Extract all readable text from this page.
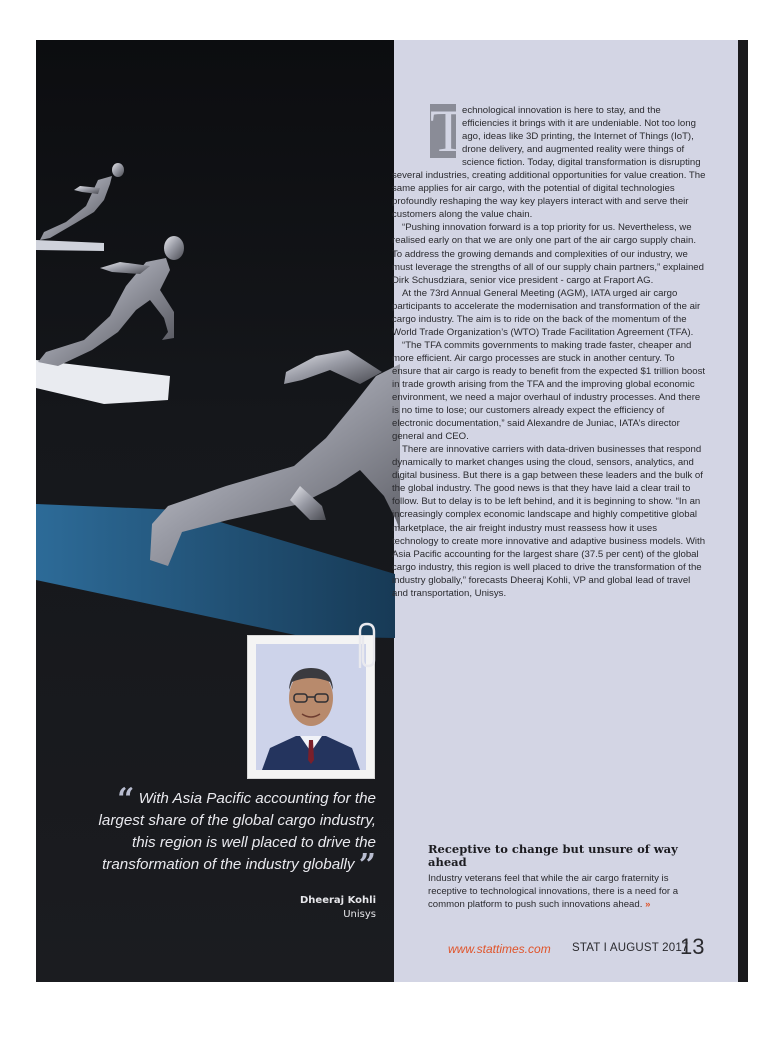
T

echnological innovation is here to stay, and the efficiencies it brings with it are undeniable. Not too long ago, ideas like 3D printing, the Internet of Things (IoT), drone delivery, and augmented reality were things of science fiction. Today, digital transformation is disrupting several industries, creating additional opportunities for value creation. The same applies for air cargo, with the potential of digital technologies profoundly reshaping the way key players interact with and serve their customers along the value chain.

“Pushing innovation forward is a top priority for us. Nevertheless, we realised early on that we are only one part of the air cargo supply chain. To address the growing demands and complexities of our industry, we must leverage the strengths of all of our supply chain partners,” explained Dirk Schusdziara, senior vice president - cargo at Fraport AG.

At the 73rd Annual General Meeting (AGM), IATA urged air cargo participants to accelerate the modernisation and transformation of the air cargo industry. The aim is to ride on the back of the momentum of the World Trade Organization’s (WTO) Trade Facilitation Agreement (TFA).

“The TFA commits governments to making trade faster, cheaper and more efficient. Air cargo processes are stuck in another century. To ensure that air cargo is ready to benefit from the expected $1 trillion boost in trade growth arising from the TFA and the improving global economic environment, we need a major overhaul of industry processes. And there is no time to lose; our customers already expect the efficiency of electronic documentation,” said Alexandre de Juniac, IATA’s director general and CEO.

There are innovative carriers with data-driven businesses that respond dynamically to market changes using the cloud, sensors, analytics, and digital business. But there is a gap between these leaders and the bulk of the global industry. The good news is that they have laid a clear trail to follow. But to delay is to be left behind, and it is beginning to show. “In an increasingly complex economic landscape and highly competitive global marketplace, the air freight industry must reassess how it uses technology to create more innovative and adaptive business models. With Asia Pacific accounting for the largest share (37.5 per cent) of the global cargo industry, this region is well placed to drive the transformation of the industry globally,” forecasts Dheeraj Kohli, VP and global lead of travel and transportation, Unisys.

Receptive to change but unsure of way ahead
Industry veterans feel that while the air cargo fraternity is receptive to technological innovations, there is a need for a common platform to push such innovations ahead. »
“ With Asia Pacific accounting for the largest share of the global cargo industry, this region is well placed to drive the transformation of the industry globally ”
Dheeraj Kohli
Unisys
www.stattimes.com STAT I AUGUST 2017
13
